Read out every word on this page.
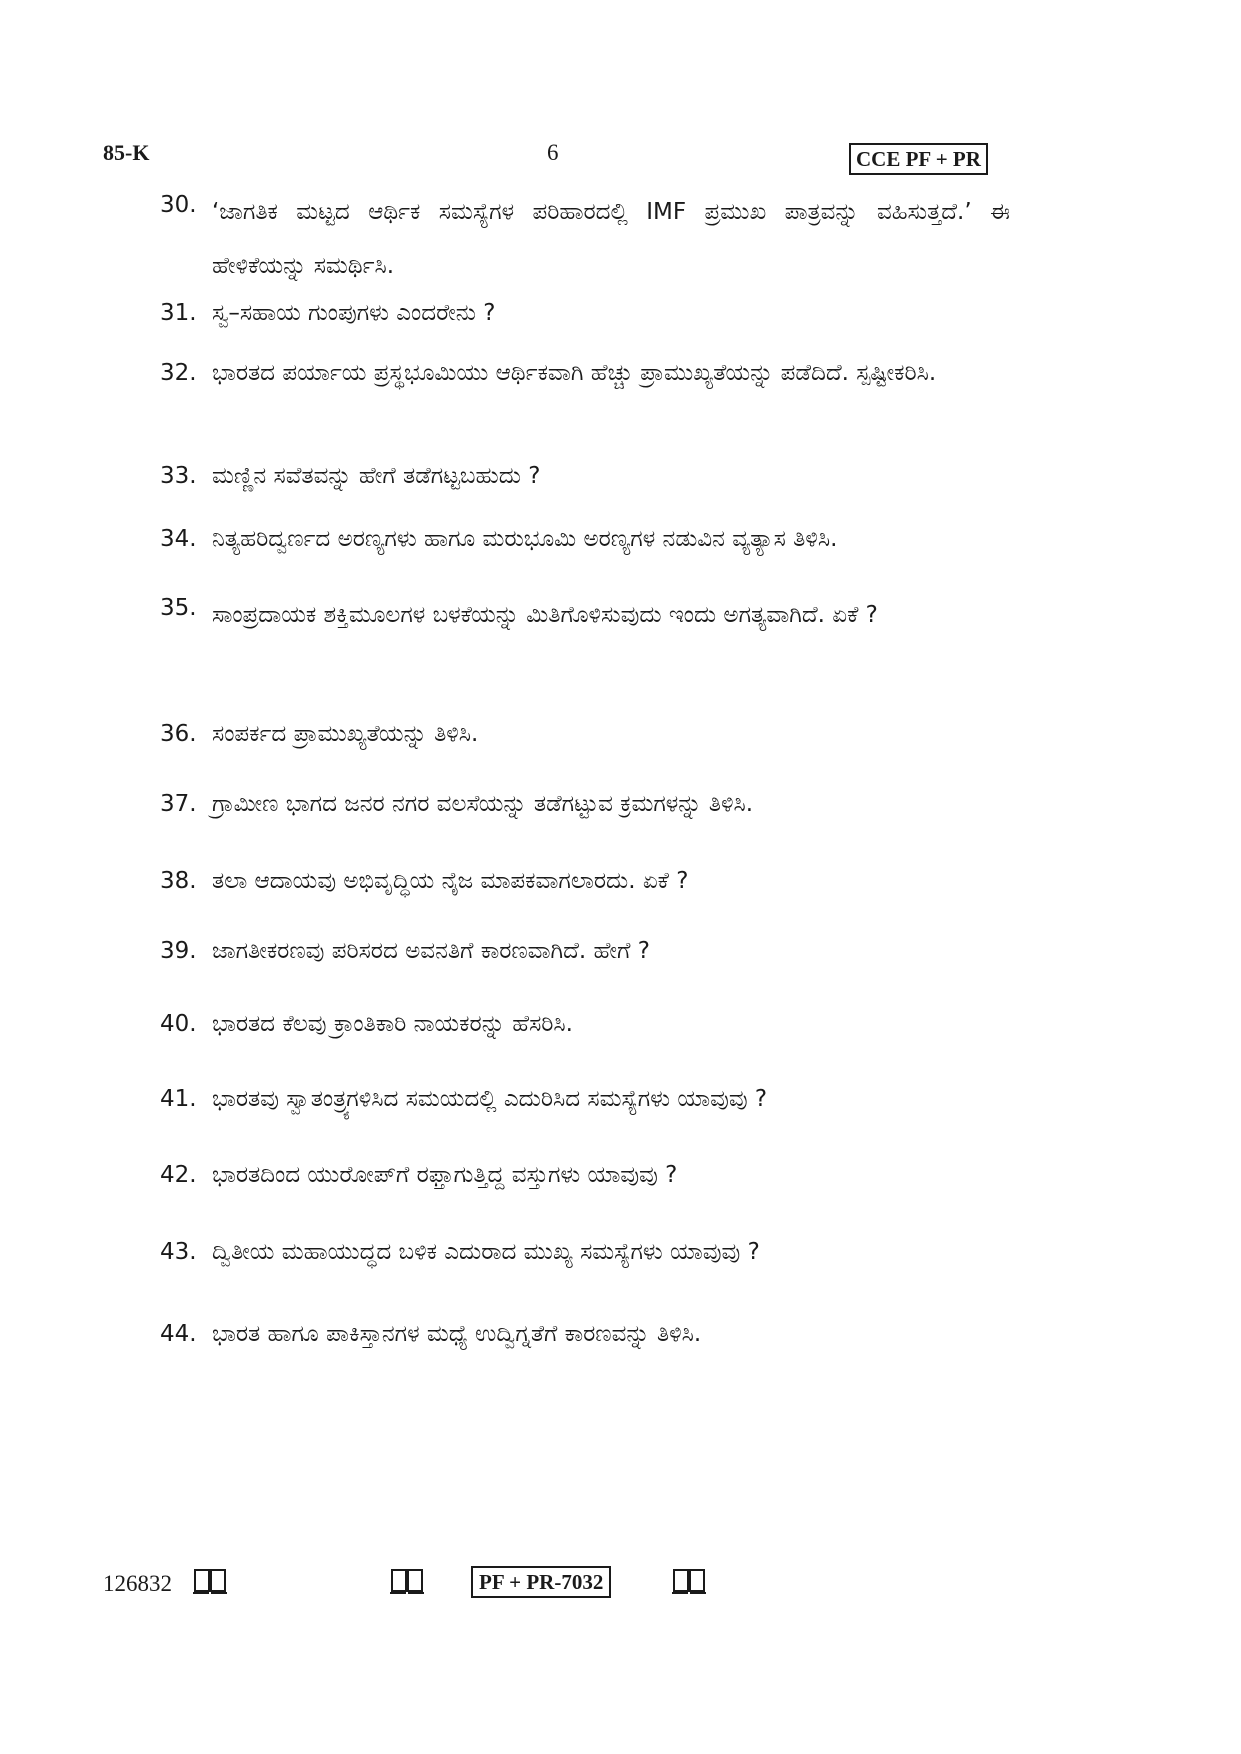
85-K	6	CCE PF + PR
30. ‘ಜಾಗತಿಕ ಮಟ್ಟದ ಆರ್ಥಿಕ ಸಮಸ್ಯೆಗಳ ಪರಿಹಾರದಲ್ಲಿ IMF ಪ್ರಮುಖ ಪಾತ್ರವನ್ನು ವಹಿಸುತ್ತದೆ.’ ಈ ಹೇಳಿಕೆಯನ್ನು ಸಮರ್ಥಿಸಿ.
31. ಸ್ವ–ಸಹಾಯ ಗುಂಪುಗಳು ಎಂದರೇನು ?
32. ಭಾರತದ ಪರ್ಯಾಯ ಪ್ರಸ್ಥಭೂಮಿಯು ಆರ್ಥಿಕವಾಗಿ ಹೆಚ್ಚು ಪ್ರಾಮುಖ್ಯತೆಯನ್ನು ಪಡೆದಿದೆ. ಸ್ಪಷ್ಟೀಕರಿಸಿ.
33. ಮಣ್ಣಿನ ಸವೆತವನ್ನು ಹೇಗೆ ತಡೆಗಟ್ಟಬಹುದು ?
34. ನಿತ್ಯಹರಿದ್ವರ್ಣದ ಅರಣ್ಯಗಳು ಹಾಗೂ ಮರುಭೂಮಿ ಅರಣ್ಯಗಳ ನಡುವಿನ ವ್ಯತ್ಯಾಸ ತಿಳಿಸಿ.
35. ಸಾಂಪ್ರದಾಯಕ ಶಕ್ತಿಮೂಲಗಳ ಬಳಕೆಯನ್ನು ಮಿತಿಗೊಳಿಸುವುದು ಇಂದು ಅಗತ್ಯವಾಗಿದೆ. ಏಕೆ ?
36. ಸಂಪರ್ಕದ ಪ್ರಾಮುಖ್ಯತೆಯನ್ನು ತಿಳಿಸಿ.
37. ಗ್ರಾಮೀಣ ಭಾಗದ ಜನರ ನಗರ ವಲಸೆಯನ್ನು ತಡೆಗಟ್ಟುವ ಕ್ರಮಗಳನ್ನು ತಿಳಿಸಿ.
38. ತಲಾ ಆದಾಯವು ಅಭಿವೃದ್ಧಿಯ ನೈಜ ಮಾಪಕವಾಗಲಾರದು. ಏಕೆ ?
39. ಜಾಗತೀಕರಣವು ಪರಿಸರದ ಅವನತಿಗೆ ಕಾರಣವಾಗಿದೆ. ಹೇಗೆ ?
40. ಭಾರತದ ಕೆಲವು ಕ್ರಾಂತಿಕಾರಿ ನಾಯಕರನ್ನು ಹೆಸರಿಸಿ.
41. ಭಾರತವು ಸ್ವಾತಂತ್ರ್ಯಗಳಿಸಿದ ಸಮಯದಲ್ಲಿ ಎದುರಿಸಿದ ಸಮಸ್ಯೆಗಳು ಯಾವುವು ?
42. ಭಾರತದಿಂದ ಯುರೋಪ್‌ಗೆ ರಫ್ತಾಗುತ್ತಿದ್ದ ವಸ್ತುಗಳು ಯಾವುವು ?
43. ದ್ವಿತೀಯ ಮಹಾಯುದ್ಧದ ಬಳಿಕ ಎದುರಾದ ಮುಖ್ಯ ಸಮಸ್ಯೆಗಳು ಯಾವುವು ?
44. ಭಾರತ ಹಾಗೂ ಪಾಕಿಸ್ತಾನಗಳ ಮಧ್ಯೆ ಉದ್ವಿಗ್ನತೆಗೆ ಕಾರಣವನ್ನು ತಿಳಿಸಿ.
126832	PF + PR-7032
